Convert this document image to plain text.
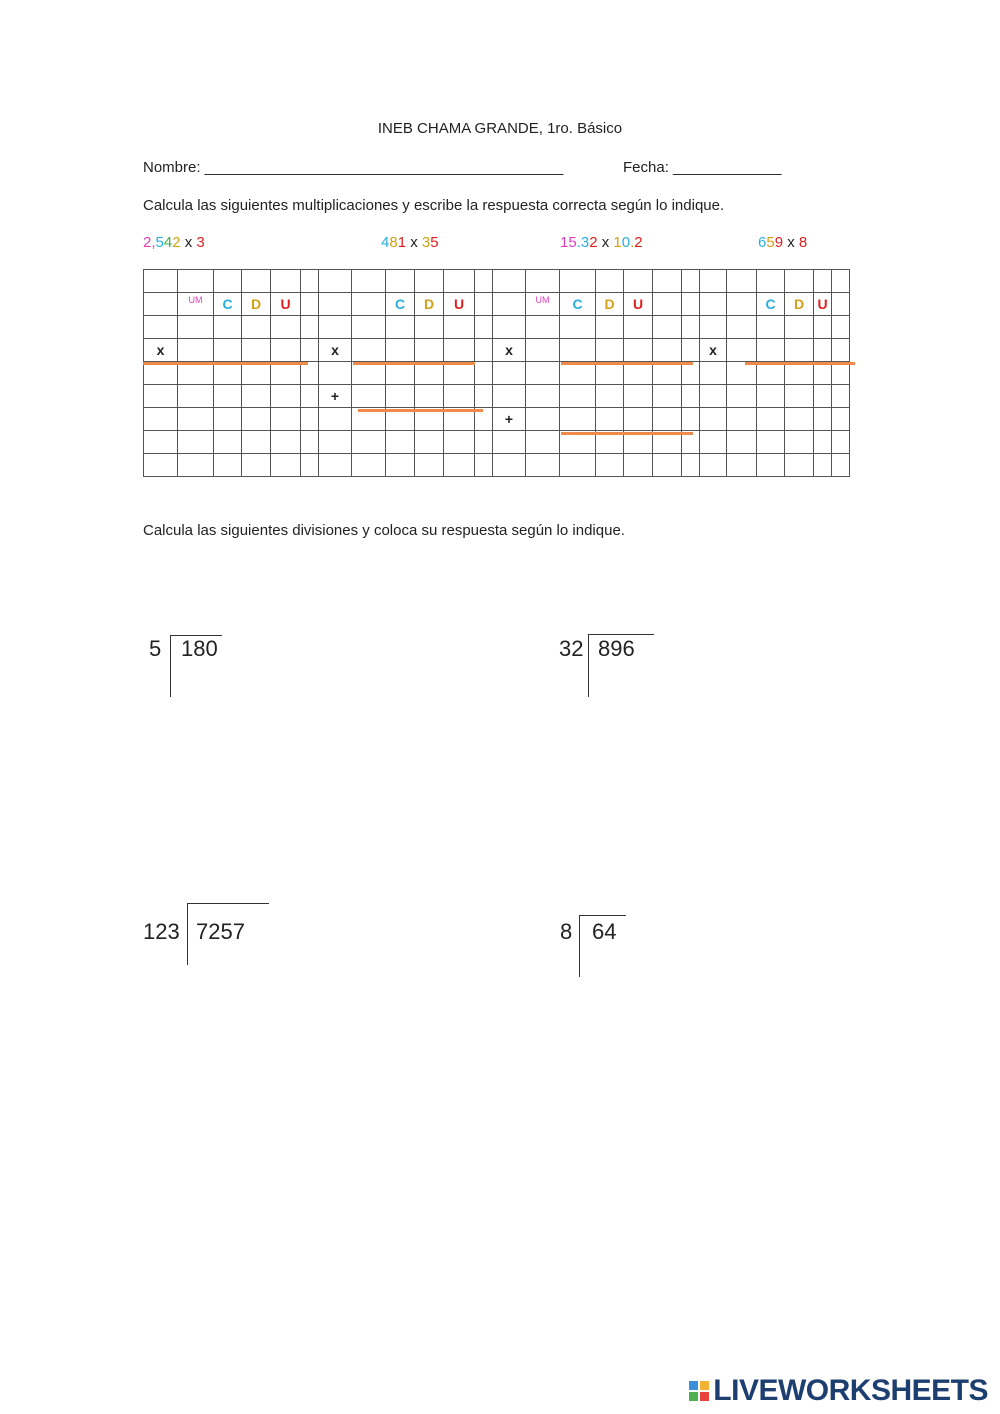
INEB CHAMA GRANDE, 1ro. Básico
Nombre: ___________________________________________	Fecha: _____________
Calcula las siguientes multiplicaciones y escribe la respuesta correcta según lo indique.
2,542 x 3	481 x 35	15.32 x 10.2	659 x 8

	$^{UM}$	C	D	U				C	D	U			$^{UM}$	C	D	U					C	D	U	

x						x						x							x					

						+																		
												+												

Calcula las siguientes divisiones y coloca su respuesta según lo indique.
5 180	32 896
123 7257	8 64
LIVEWORKSHEETS
